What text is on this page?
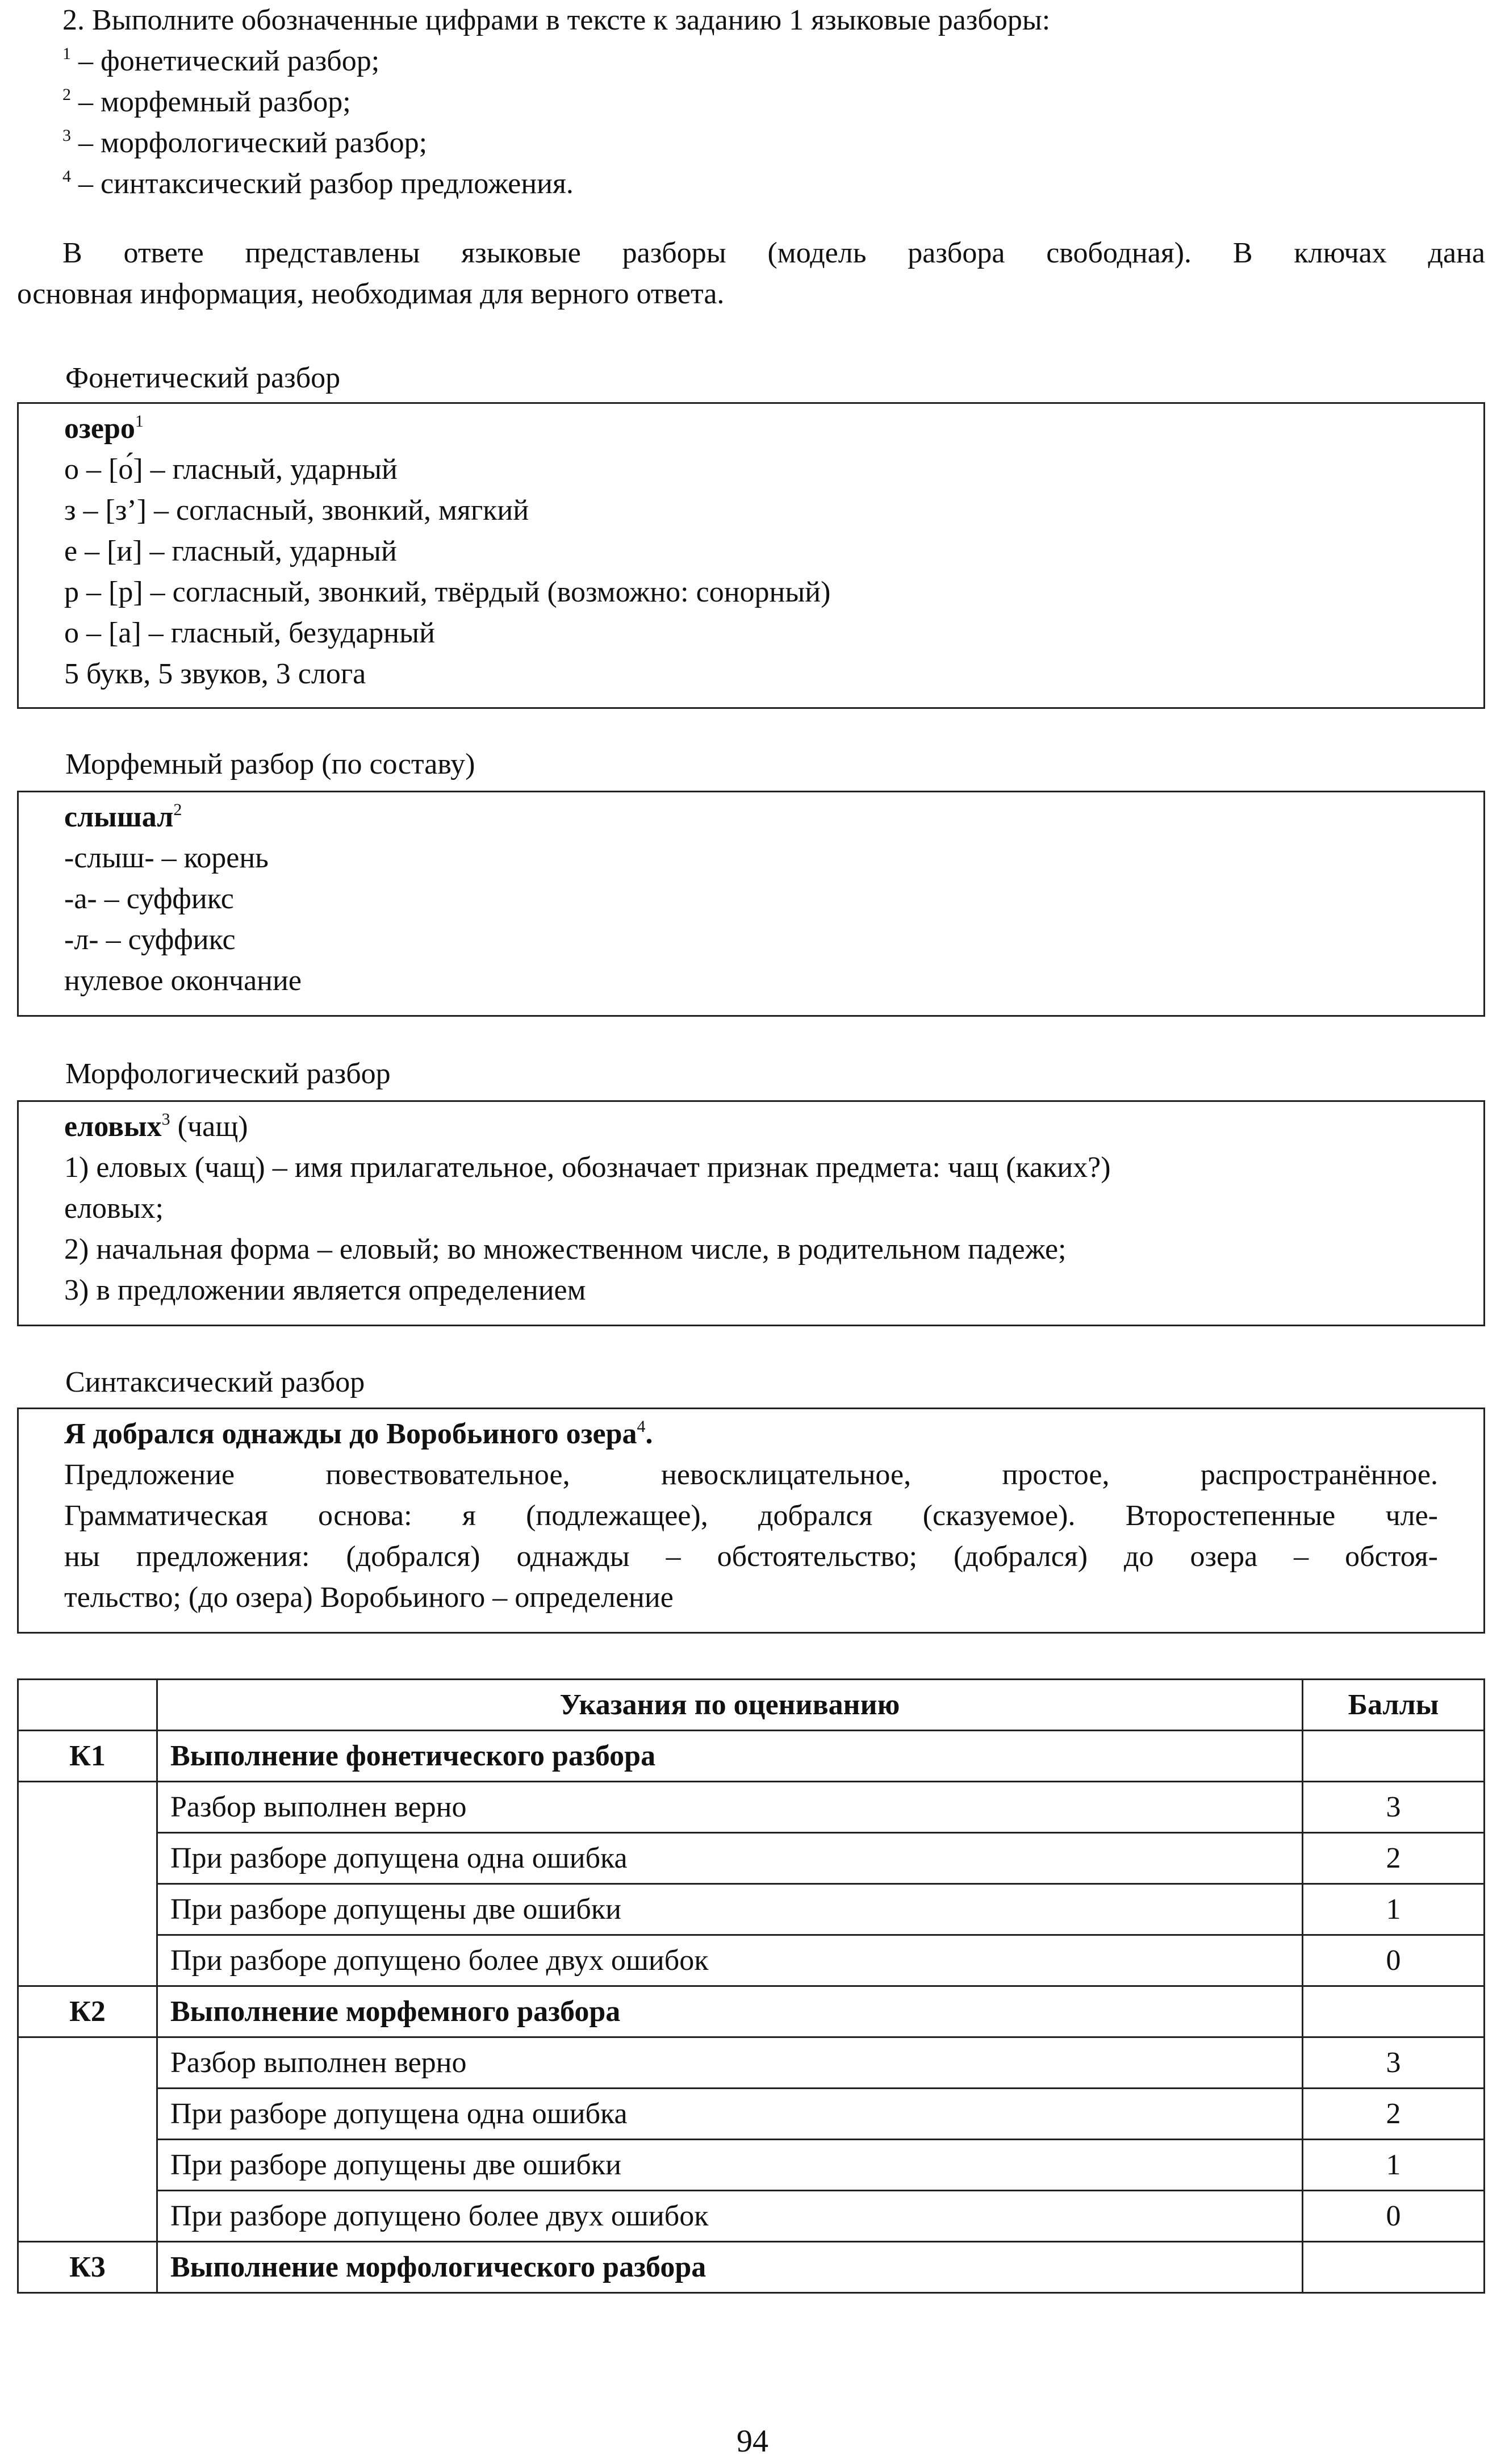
2. Выполните обозначенные цифрами в тексте к заданию 1 языковые разборы:
$^1$ – фонетический разбор;
$^2$ – морфемный разбор;
$^3$ – морфологический разбор;
$^4$ – синтаксический разбор предложения.
В ответе представлены языковые разборы (модель разбора свободная). В ключах дана
основная информация, необходимая для верного ответа.
Фонетический разбор
озеро$^1$
о – [о́] – гласный, ударный
з – [з’] – согласный, звонкий, мягкий
е – [и] – гласный, ударный
р – [р] – согласный, звонкий, твёрдый (возможно: сонорный)
о – [а] – гласный, безударный
5 букв, 5 звуков, 3 слога
Морфемный разбор (по составу)
слышал$^2$
-слыш- – корень
-а- – суффикс
-л- – суффикс
нулевое окончание
Морфологический разбор
еловых$^3$ (чащ)
1) еловых (чащ) – имя прилагательное, обозначает признак предмета: чащ (каких?)
еловых;
2) начальная форма – еловый; во множественном числе, в родительном падеже;
3) в предложении является определением
Синтаксический разбор
Я добрался однажды до Воробьиного озера$^4$.
Предложение повествовательное, невосклицательное, простое, распространённое.
Грамматическая основа: я (подлежащее), добрался (сказуемое). Второстепенные чле-
ны предложения: (добрался) однажды – обстоятельство; (добрался) до озера – обстоя-
тельство; (до озера) Воробьиного – определение
	Указания по оцениванию	Баллы
К1	Выполнение фонетического разбора	
	Разбор выполнен верно	3
	При разборе допущена одна ошибка	2
	При разборе допущены две ошибки	1
	При разборе допущено более двух ошибок	0
К2	Выполнение морфемного разбора	
	Разбор выполнен верно	3
	При разборе допущена одна ошибка	2
	При разборе допущены две ошибки	1
	При разборе допущено более двух ошибок	0
К3	Выполнение морфологического разбора	
94
